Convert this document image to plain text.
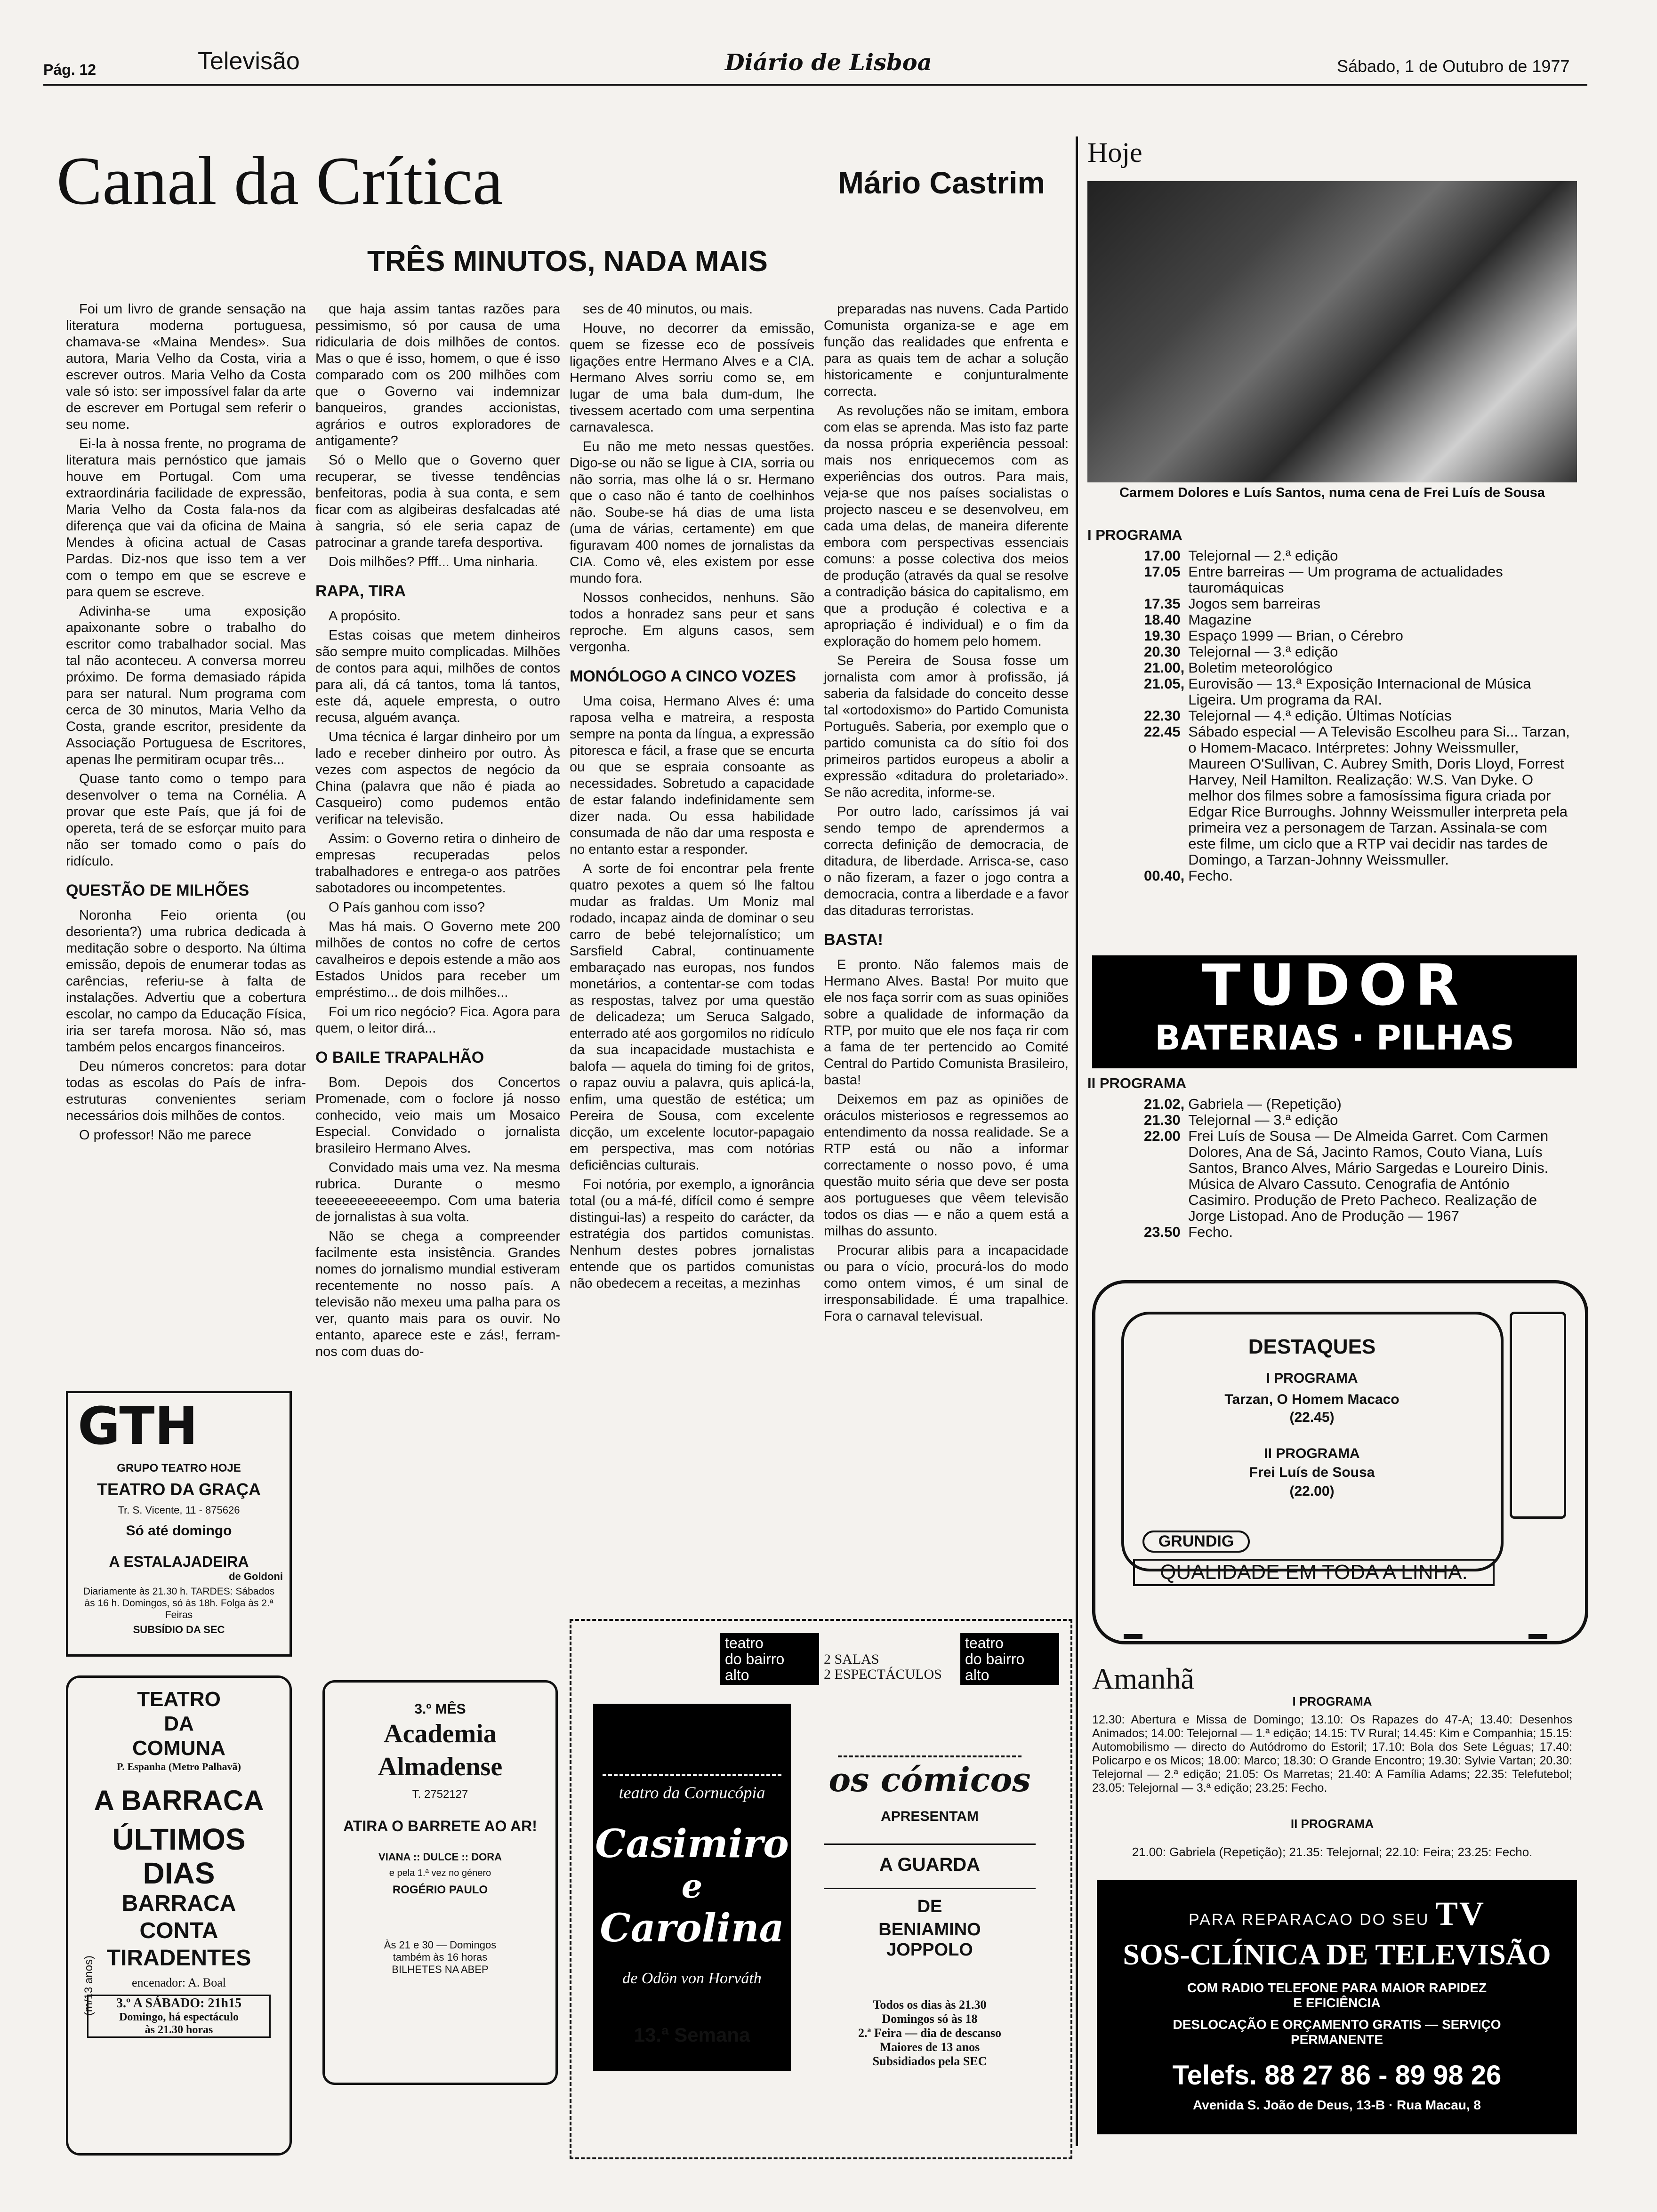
Pág. 12	Televisão	Diário de Lisboa	Sábado, 1 de Outubro de 1977
Canal da Crítica	Mário Castrim
TRÊS MINUTOS, NADA MAIS

Foi um livro de grande sensação na literatura moderna portuguesa, chamava-se «Maina Mendes». Sua autora, Maria Velho da Costa, viria a escrever outros. Maria Velho da Costa vale só isto: ser impossível falar da arte de escrever em Portugal sem referir o seu nome.

Ei-la à nossa frente, no programa de literatura mais pernóstico que jamais houve em Portugal. Com uma extraordinária facilidade de expressão, Maria Velho da Costa fala-nos da diferença que vai da oficina de Maina Mendes à oficina actual de Casas Pardas. Diz-nos que isso tem a ver com o tempo em que se escreve e para quem se escreve.

Adivinha-se uma exposição apaixonante sobre o trabalho do escritor como trabalhador social. Mas tal não aconteceu. A conversa morreu próximo. De forma demasiado rápida para ser natural. Num programa com cerca de 30 minutos, Maria Velho da Costa, grande escritor, presidente da Associação Portuguesa de Escritores, apenas lhe permitiram ocupar três...

Quase tanto como o tempo para desenvolver o tema na Cornélia. A provar que este País, que já foi de opereta, terá de se esforçar muito para não ser tomado como o país do ridículo.

QUESTÃO DE MILHÕES

Noronha Feio orienta (ou desorienta?) uma rubrica dedicada à meditação sobre o desporto. Na última emissão, depois de enumerar todas as carências, referiu-se à falta de instalações. Advertiu que a cobertura escolar, no campo da Educação Física, iria ser tarefa morosa. Não só, mas também pelos encargos financeiros.

Deu números concretos: para dotar todas as escolas do País de infra-estruturas convenientes seriam necessários dois milhões de contos.

O professor! Não me parece

que haja assim tantas razões para pessimismo, só por causa de uma ridicularia de dois milhões de contos. Mas o que é isso, homem, o que é isso comparado com os 200 milhões com que o Governo vai indemnizar banqueiros, grandes accionistas, agrários e outros exploradores de antigamente?

Só o Mello que o Governo quer recuperar, se tivesse tendências benfeitoras, podia à sua conta, e sem ficar com as algibeiras desfalcadas até à sangria, só ele seria capaz de patrocinar a grande tarefa desportiva.

Dois milhões? Pfff... Uma ninharia.

RAPA, TIRA

A propósito.

Estas coisas que metem dinheiros são sempre muito complicadas. Milhões de contos para aqui, milhões de contos para ali, dá cá tantos, toma lá tantos, este dá, aquele empresta, o outro recusa, alguém avança.

Uma técnica é largar dinheiro por um lado e receber dinheiro por outro. Às vezes com aspectos de negócio da China (palavra que não é piada ao Casqueiro) como pudemos então verificar na televisão.

Assim: o Governo retira o dinheiro de empresas recuperadas pelos trabalhadores e entrega-o aos patrões sabotadores ou incompetentes.

O País ganhou com isso?

Mas há mais. O Governo mete 200 milhões de contos no cofre de certos cavalheiros e depois estende a mão aos Estados Unidos para receber um empréstimo... de dois milhões...

Foi um rico negócio? Fica. Agora para quem, o leitor dirá...

O BAILE TRAPALHÃO

Bom. Depois dos Concertos Promenade, com o foclore já nosso conhecido, veio mais um Mosaico Especial. Convidado o jornalista brasileiro Hermano Alves.

Convidado mais uma vez. Na mesma rubrica. Durante o mesmo teeeeeeeeeeeempo. Com uma bateria de jornalistas à sua volta.

Não se chega a compreender facilmente esta insistência. Grandes nomes do jornalismo mundial estiveram recentemente no nosso país. A televisão não mexeu uma palha para os ver, quanto mais para os ouvir. No entanto, aparece este e zás!, ferram-nos com duas do-

ses de 40 minutos, ou mais.

Houve, no decorrer da emissão, quem se fizesse eco de possíveis ligações entre Hermano Alves e a CIA. Hermano Alves sorriu como se, em lugar de uma bala dum-dum, lhe tivessem acertado com uma serpentina carnavalesca.

Eu não me meto nessas questões. Digo-se ou não se ligue à CIA, sorria ou não sorria, mas olhe lá o sr. Hermano que o caso não é tanto de coelhinhos não. Soube-se há dias de uma lista (uma de várias, certamente) em que figuravam 400 nomes de jornalistas da CIA. Como vê, eles existem por esse mundo fora.

Nossos conhecidos, nenhuns. São todos a honradez sans peur et sans reproche. Em alguns casos, sem vergonha.

MONÓLOGO A CINCO VOZES

Uma coisa, Hermano Alves é: uma raposa velha e matreira, a resposta sempre na ponta da língua, a expressão pitoresca e fácil, a frase que se encurta ou que se espraia consoante as necessidades. Sobretudo a capacidade de estar falando indefinidamente sem dizer nada. Ou essa habilidade consumada de não dar uma resposta e no entanto estar a responder.

A sorte de foi encontrar pela frente quatro pexotes a quem só lhe faltou mudar as fraldas. Um Moniz mal rodado, incapaz ainda de dominar o seu carro de bebé telejornalístico; um Sarsfield Cabral, continuamente embaraçado nas europas, nos fundos monetários, a contentar-se com todas as respostas, talvez por uma questão de delicadeza; um Seruca Salgado, enterrado até aos gorgomilos no ridículo da sua incapacidade mustachista e balofa — aquela do timing foi de gritos, o rapaz ouviu a palavra, quis aplicá-la, enfim, uma questão de estética; um Pereira de Sousa, com excelente dicção, um excelente locutor-papagaio em perspectiva, mas com notórias deficiências culturais.

Foi notória, por exemplo, a ignorância total (ou a má-fé, difícil como é sempre distingui-las) a respeito do carácter, da estratégia dos partidos comunistas. Nenhum destes pobres jornalistas entende que os partidos comunistas não obedecem a receitas, a mezinhas

preparadas nas nuvens. Cada Partido Comunista organiza-se e age em função das realidades que enfrenta e para as quais tem de achar a solução historicamente e conjunturalmente correcta.

As revoluções não se imitam, embora com elas se aprenda. Mas isto faz parte da nossa própria experiência pessoal: mais nos enriquecemos com as experiências dos outros. Para mais, veja-se que nos países socialistas o projecto nasceu e se desenvolveu, em cada uma delas, de maneira diferente embora com perspectivas essenciais comuns: a posse colectiva dos meios de produção (através da qual se resolve a contradição básica do capitalismo, em que a produção é colectiva e a apropriação é individual) e o fim da exploração do homem pelo homem.

Se Pereira de Sousa fosse um jornalista com amor à profissão, já saberia da falsidade do conceito desse tal «ortodoxismo» do Partido Comunista Português. Saberia, por exemplo que o partido comunista ca do sítio foi dos primeiros partidos europeus a abolir a expressão «ditadura do proletariado». Se não acredita, informe-se.

Por outro lado, caríssimos já vai sendo tempo de aprendermos a correcta definição de democracia, de ditadura, de liberdade. Arrisca-se, caso o não fizeram, a fazer o jogo contra a democracia, contra a liberdade e a favor das ditaduras terroristas.

BASTA!

E pronto. Não falemos mais de Hermano Alves. Basta! Por muito que ele nos faça sorrir com as suas opiniões sobre a qualidade de informação da RTP, por muito que ele nos faça rir com a fama de ter pertencido ao Comité Central do Partido Comunista Brasileiro, basta!

Deixemos em paz as opiniões de oráculos misteriosos e regressemos ao entendimento da nossa realidade. Se a RTP está ou não a informar correctamente o nosso povo, é uma questão muito séria que deve ser posta aos portugueses que vêem televisão todos os dias — e não a quem está a milhas do assunto.

Procurar alibis para a incapacidade ou para o vício, procurá-los do modo como ontem vimos, é um sinal de irresponsabilidade. É uma trapalhice. Fora o carnaval televisual.

Hoje
Carmem Dolores e Luís Santos, numa cena de Frei Luís de Sousa
I PROGRAMA
17.00	Telejornal — 2.ª edição
17.05	Entre barreiras — Um programa de actualidades tauromáquicas
17.35	Jogos sem barreiras
18.40	Magazine
19.30	Espaço 1999 — Brian, o Cérebro
20.30	Telejornal — 3.ª edição
21.00,	Boletim meteorológico
21.05,	Eurovisão — 13.ª Exposição Internacional de Música Ligeira. Um programa da RAI.
22.30	Telejornal — 4.ª edição. Últimas Notícias
22.45	Sábado especial — A Televisão Escolheu para Si... Tarzan, o Homem-Macaco. Intérpretes: Johny Weissmuller, Maureen O'Sullivan, C. Aubrey Smith, Doris Lloyd, Forrest Harvey, Neil Hamilton. Realização: W.S. Van Dyke. O melhor dos filmes sobre a famosíssima figura criada por Edgar Rice Burroughs. Johnny Weissmuller interpreta pela primeira vez a personagem de Tarzan. Assinala-se com este filme, um ciclo que a RTP vai decidir nas tardes de Domingo, a Tarzan-Johnny Weissmuller.
00.40,	Fecho.
TUDOR
BATERIAS · PILHAS
II PROGRAMA
21.02,	Gabriela — (Repetição)
21.30	Telejornal — 3.ª edição
22.00	Frei Luís de Sousa — De Almeida Garret. Com Carmen Dolores, Ana de Sá, Jacinto Ramos, Couto Viana, Luís Santos, Branco Alves, Mário Sargedas e Loureiro Dinis. Música de Alvaro Cassuto. Cenografia de António Casimiro. Produção de Preto Pacheco. Realização de Jorge Listopad. Ano de Produção — 1967
23.50	Fecho.
DESTAQUES
I PROGRAMA
Tarzan, O Homem Macaco
(22.45)
II PROGRAMA
Frei Luís de Sousa
(22.00)
GRUNDIG
QUALIDADE EM TODA A LINHA.
Amanhã
I PROGRAMA
12.30: Abertura e Missa de Domingo; 13.10: Os Rapazes do 47-A; 13.40: Desenhos Animados; 14.00: Telejornal — 1.ª edição; 14.15: TV Rural; 14.45: Kim e Companhia; 15.15: Automobilismo — directo do Autódromo do Estoril; 17.10: Bola dos Sete Léguas; 17.40: Policarpo e os Micos; 18.00: Marco; 18.30: O Grande Encontro; 19.30: Sylvie Vartan; 20.30: Telejornal — 2.ª edição; 21.05: Os Marretas; 21.40: A Família Adams; 22.35: Telefutebol; 23.05: Telejornal — 3.ª edição; 23.25: Fecho.
II PROGRAMA
21.00: Gabriela (Repetição); 21.35: Telejornal; 22.10: Feira; 23.25: Fecho.
PARA REPARACAO DO SEU TV
SOS-CLÍNICA DE TELEVISÃO
COM RADIO TELEFONE PARA MAIOR RAPIDEZ
E EFICIÊNCIA
DESLOCAÇÃO E ORÇAMENTO GRATIS — SERVIÇO
PERMANENTE
Telefs. 88 27 86 - 89 98 26
Avenida S. João de Deus, 13-B · Rua Macau, 8
GTH
GRUPO TEATRO HOJE
TEATRO DA GRAÇA
Tr. S. Vicente, 11 - 875626
Só até domingo
A ESTALAJADEIRA
de Goldoni
Diariamente às 21.30 h. TARDES: Sábados às 16 h. Domingos, só às 18h. Folga às 2.ª Feiras
SUBSÍDIO DA SEC
TEATRO
DA
COMUNA
P. Espanha (Metro Palhavã)
A BARRACA
ÚLTIMOS
DIAS
BARRACA
CONTA
TIRADENTES
encenador: A. Boal
3.º A SÁBADO: 21h15
Domingo, há espectáculo
às 21.30 horas
(m/13 anos)
3.º MÊS
Academia
Almadense
T. 2752127
ATIRA O BARRETE AO AR!
VIANA :: DULCE :: DORA
e pela 1.ª vez no género
ROGÉRIO PAULO
Às 21 e 30 — Domingos
também às 16 horas
BILHETES NA ABEP
teatro
do bairro
alto
teatro da Cornucópia
Casimiro
e
Carolina
de Odön von Horváth
13.ª Semana
2 SALAS
2 ESPECTÁCULOS
teatro
do bairro
alto
os cómicos
APRESENTAM
A GUARDA
DE
BENIAMINO
JOPPOLO
Todos os dias às 21.30
Domingos só às 18
2.ª Feira — dia de descanso
Maiores de 13 anos
Subsidiados pela SEC
